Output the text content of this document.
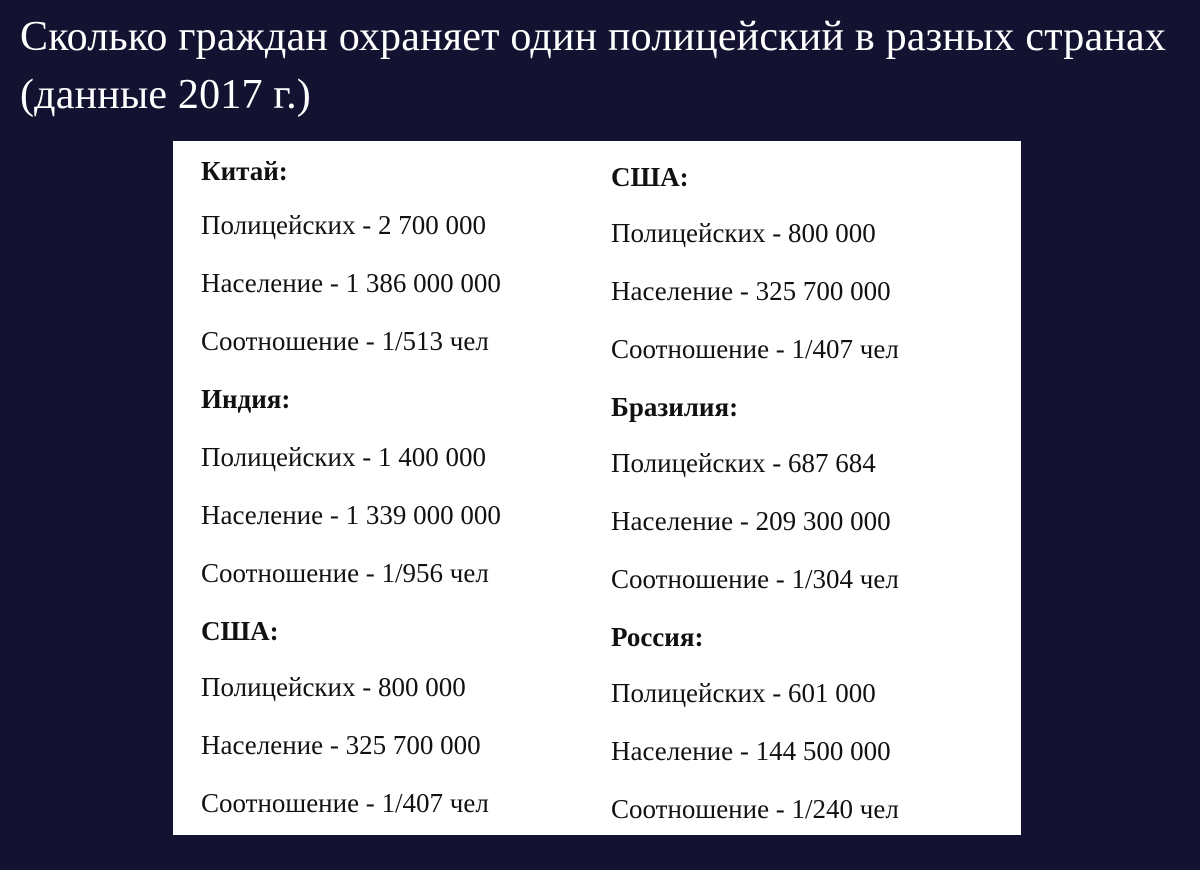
Сколько граждан охраняет один полицейский в разных странах (данные 2017 г.)
Китай:
Полицейских - 2 700 000
Население - 1 386 000 000
Соотношение - 1/513 чел
Индия:
Полицейских - 1 400 000
Население - 1 339 000 000
Соотношение - 1/956 чел
США:
Полицейских - 800 000
Население - 325 700 000
Соотношение - 1/407 чел
США:
Полицейских - 800 000
Население - 325 700 000
Соотношение - 1/407 чел
Бразилия:
Полицейских - 687 684
Население - 209 300 000
Соотношение - 1/304 чел
Россия:
Полицейских - 601 000
Население - 144 500 000
Соотношение - 1/240 чел
